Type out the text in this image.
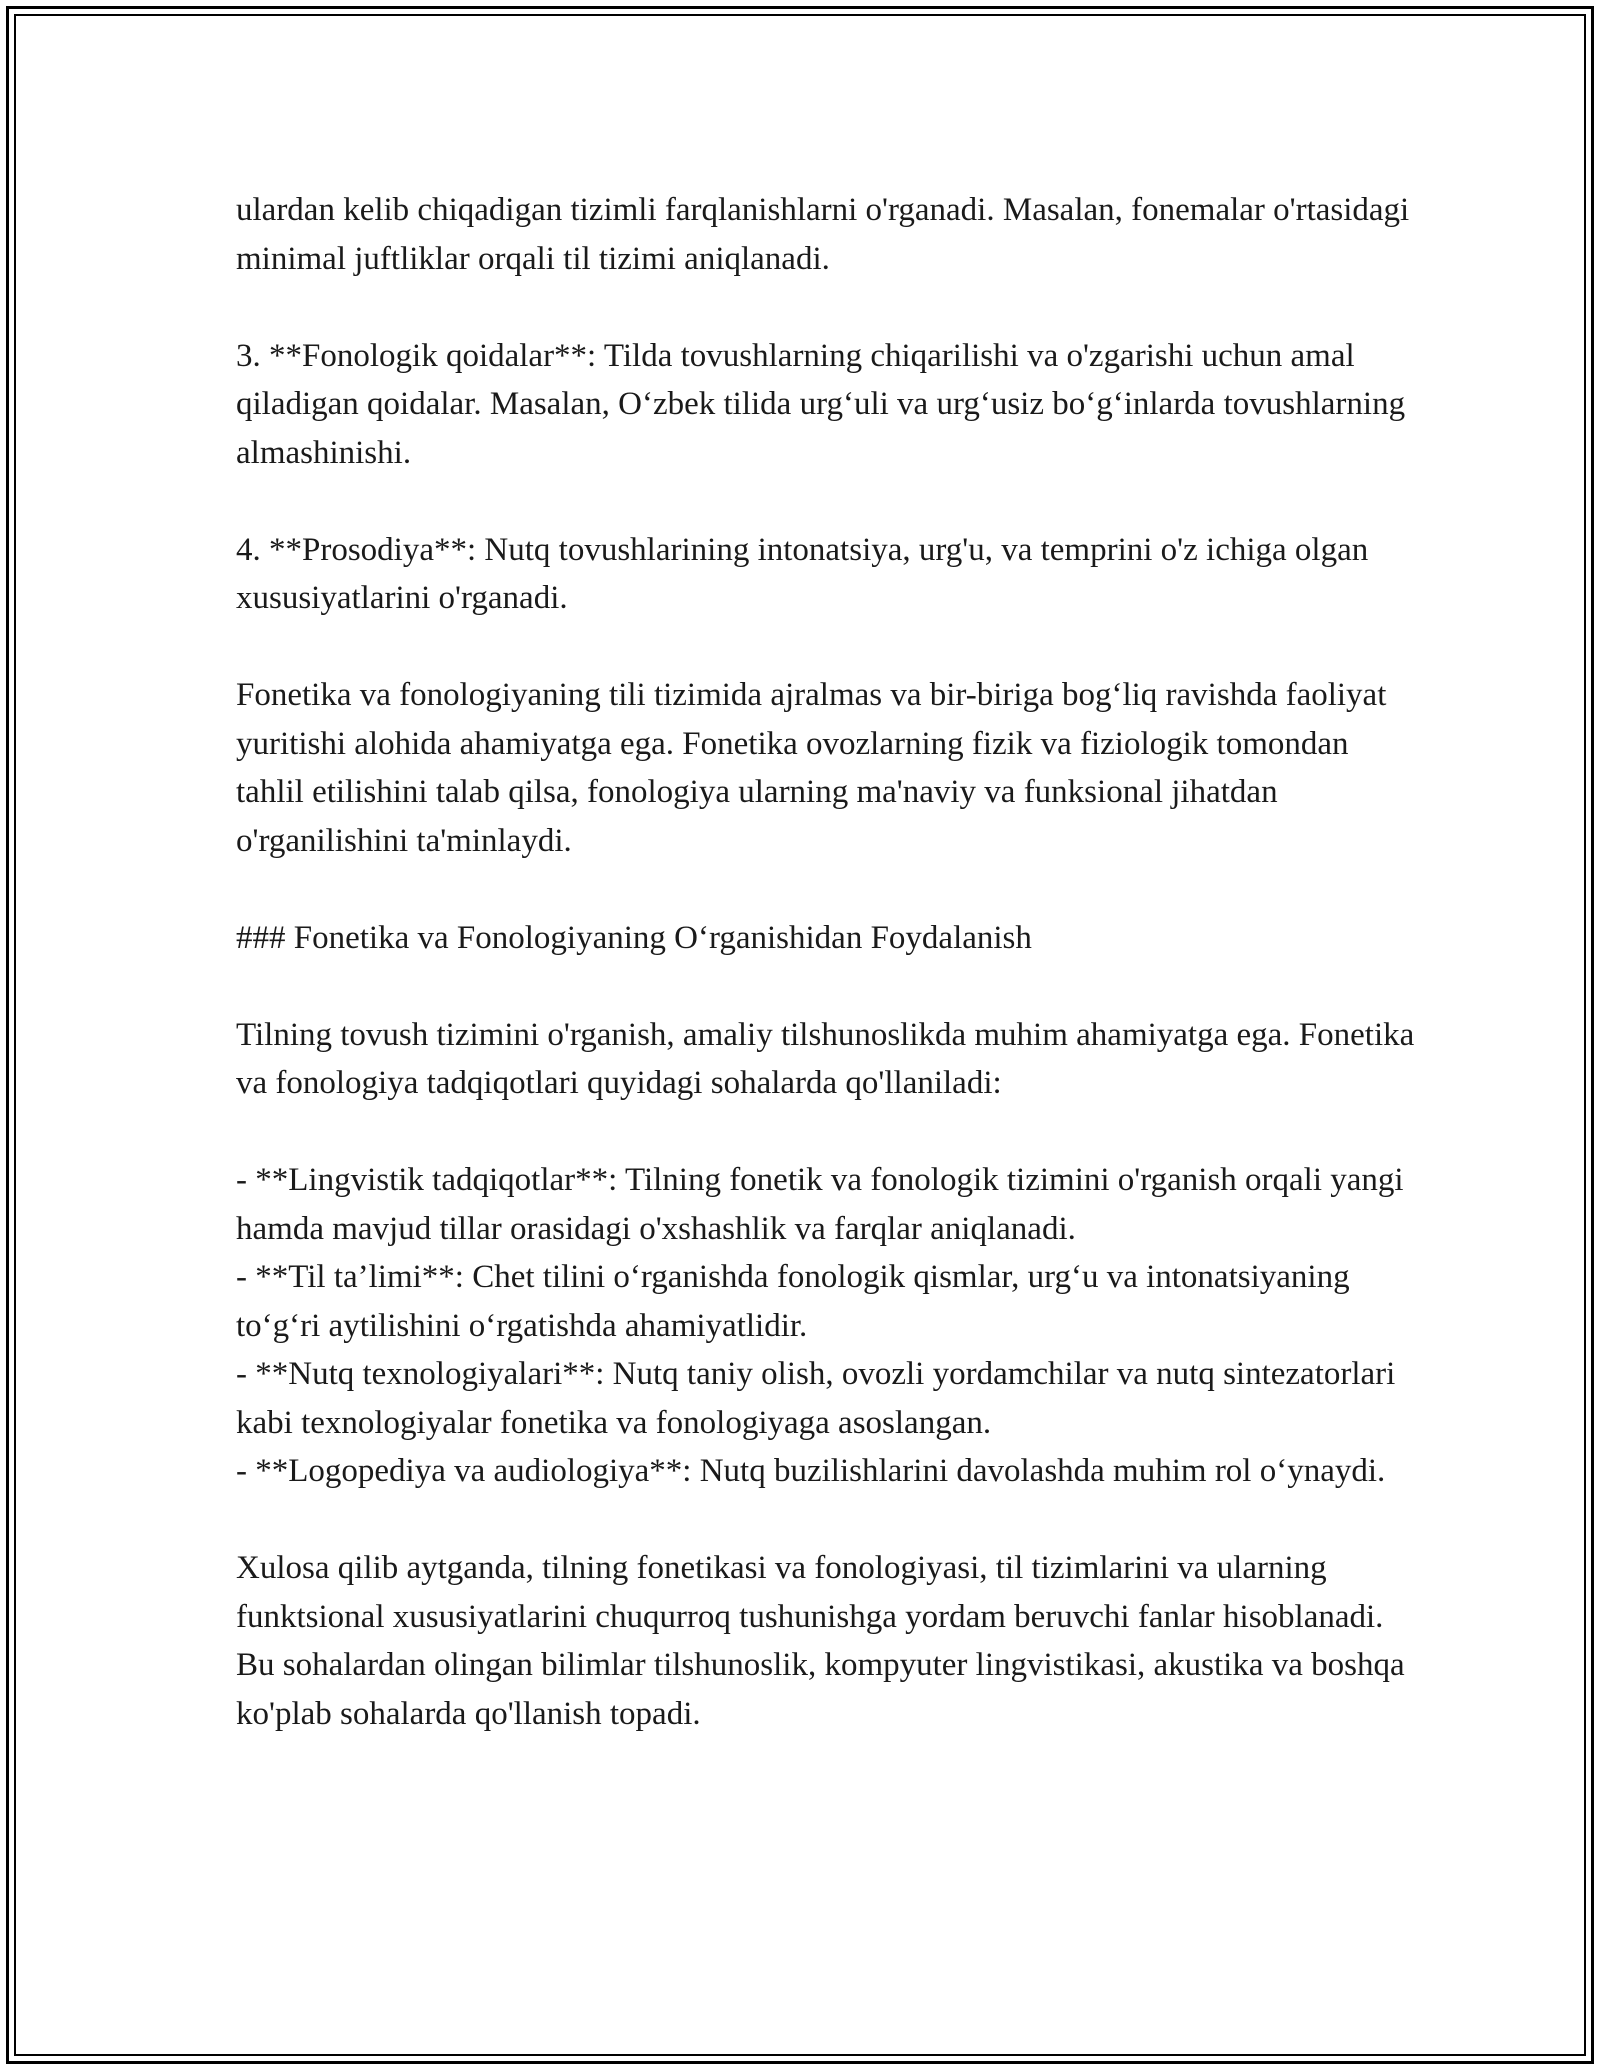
ulardan kelib chiqadigan tizimli farqlanishlarni o'rganadi. Masalan, fonemalar o'rtasidagi minimal juftliklar orqali til tizimi aniqlanadi.

3. **Fonologik qoidalar**: Tilda tovushlarning chiqarilishi va o'zgarishi uchun amal qiladigan qoidalar. Masalan, O‘zbek tilida urg‘uli va urg‘usiz bo‘g‘inlarda tovushlarning almashinishi.

4. **Prosodiya**: Nutq tovushlarining intonatsiya, urg'u, va temprini o'z ichiga olgan xususiyatlarini o'rganadi.

Fonetika va fonologiyaning tili tizimida ajralmas va bir-biriga bog‘liq ravishda faoliyat yuritishi alohida ahamiyatga ega. Fonetika ovozlarning fizik va fiziologik tomondan tahlil etilishini talab qilsa, fonologiya ularning ma'naviy va funksional jihatdan o'rganilishini ta'minlaydi.

### Fonetika va Fonologiyaning O‘rganishidan Foydalanish

Tilning tovush tizimini o'rganish, amaliy tilshunoslikda muhim ahamiyatga ega. Fonetika va fonologiya tadqiqotlari quyidagi sohalarda qo'llaniladi:

- **Lingvistik tadqiqotlar**: Tilning fonetik va fonologik tizimini o'rganish orqali yangi hamda mavjud tillar orasidagi o'xshashlik va farqlar aniqlanadi.

- **Til ta’limi**: Chet tilini o‘rganishda fonologik qismlar, urg‘u va intonatsiyaning to‘g‘ri aytilishini o‘rgatishda ahamiyatlidir.

- **Nutq texnologiyalari**: Nutq taniy olish, ovozli yordamchilar va nutq sintezatorlari kabi texnologiyalar fonetika va fonologiyaga asoslangan.

- **Logopediya va audiologiya**: Nutq buzilishlarini davolashda muhim rol o‘ynaydi.

Xulosa qilib aytganda, tilning fonetikasi va fonologiyasi, til tizimlarini va ularning funktsional xususiyatlarini chuqurroq tushunishga yordam beruvchi fanlar hisoblanadi. Bu sohalardan olingan bilimlar tilshunoslik, kompyuter lingvistikasi, akustika va boshqa ko'plab sohalarda qo'llanish topadi.
